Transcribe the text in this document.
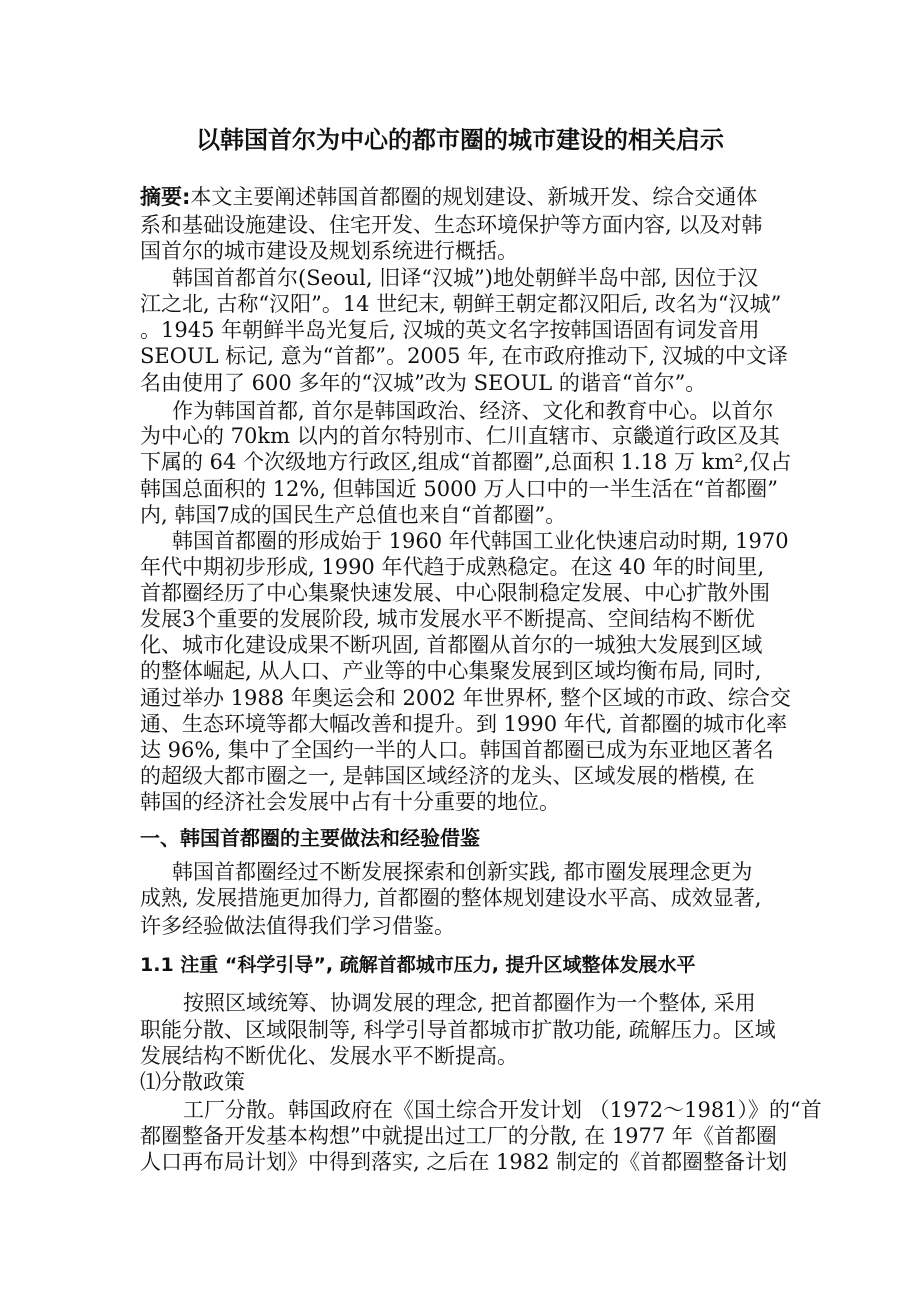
以韩国首尔为中心的都市圈的城市建设的相关启示
摘要:本文主要阐述韩国首都圈的规划建设、新城开发、综合交通体
系和基础设施建设、住宅开发、生态环境保护等方面内容, 以及对韩
国首尔的城市建设及规划系统进行概括。
韩国首都首尔(Seoul, 旧译“汉城”)地处朝鲜半岛中部, 因位于汉
江之北, 古称“汉阳”。14 世纪末, 朝鲜王朝定都汉阳后, 改名为“汉城”
。1945 年朝鲜半岛光复后, 汉城的英文名字按韩国语固有词发音用
SEOUL 标记, 意为“首都”。2005 年, 在市政府推动下, 汉城的中文译
名由使用了 600 多年的“汉城”改为 SEOUL 的谐音“首尔”。
作为韩国首都, 首尔是韩国政治、经济、文化和教育中心。以首尔
为中心的 70km 以内的首尔特别市、仁川直辖市、京畿道行政区及其
下属的 64 个次级地方行政区,组成“首都圈”,总面积 1.18 万 km²,仅占
韩国总面积的 12%, 但韩国近 5000 万人口中的一半生活在“首都圈”
内, 韩国7成的国民生产总值也来自“首都圈”。
韩国首都圈的形成始于 1960 年代韩国工业化快速启动时期, 1970
年代中期初步形成, 1990 年代趋于成熟稳定。在这 40 年的时间里,
首都圈经历了中心集聚快速发展、中心限制稳定发展、中心扩散外围
发展3个重要的发展阶段, 城市发展水平不断提高、空间结构不断优
化、城市化建设成果不断巩固, 首都圈从首尔的一城独大发展到区域
的整体崛起, 从人口、产业等的中心集聚发展到区域均衡布局, 同时,
通过举办 1988 年奥运会和 2002 年世界杯, 整个区域的市政、综合交
通、生态环境等都大幅改善和提升。到 1990 年代, 首都圈的城市化率
达 96%, 集中了全国约一半的人口。韩国首都圈已成为东亚地区著名
的超级大都市圈之一, 是韩国区域经济的龙头、区域发展的楷模, 在
韩国的经济社会发展中占有十分重要的地位。
一、韩国首都圈的主要做法和经验借鉴
韩国首都圈经过不断发展探索和创新实践, 都市圈发展理念更为
成熟, 发展措施更加得力, 首都圈的整体规划建设水平高、成效显著,
许多经验做法值得我们学习借鉴。
1.1 注重 “科学引导”, 疏解首都城市压力, 提升区域整体发展水平
按照区域统筹、协调发展的理念, 把首都圈作为一个整体, 采用
职能分散、区域限制等, 科学引导首都城市扩散功能, 疏解压力。区域
发展结构不断优化、发展水平不断提高。
⑴分散政策
工厂分散。韩国政府在《国土综合开发计划 （1972～1981）》的“首
都圈整备开发基本构想”中就提出过工厂的分散, 在 1977 年《首都圈
人口再布局计划》中得到落实, 之后在 1982 制定的《首都圈整备计划
